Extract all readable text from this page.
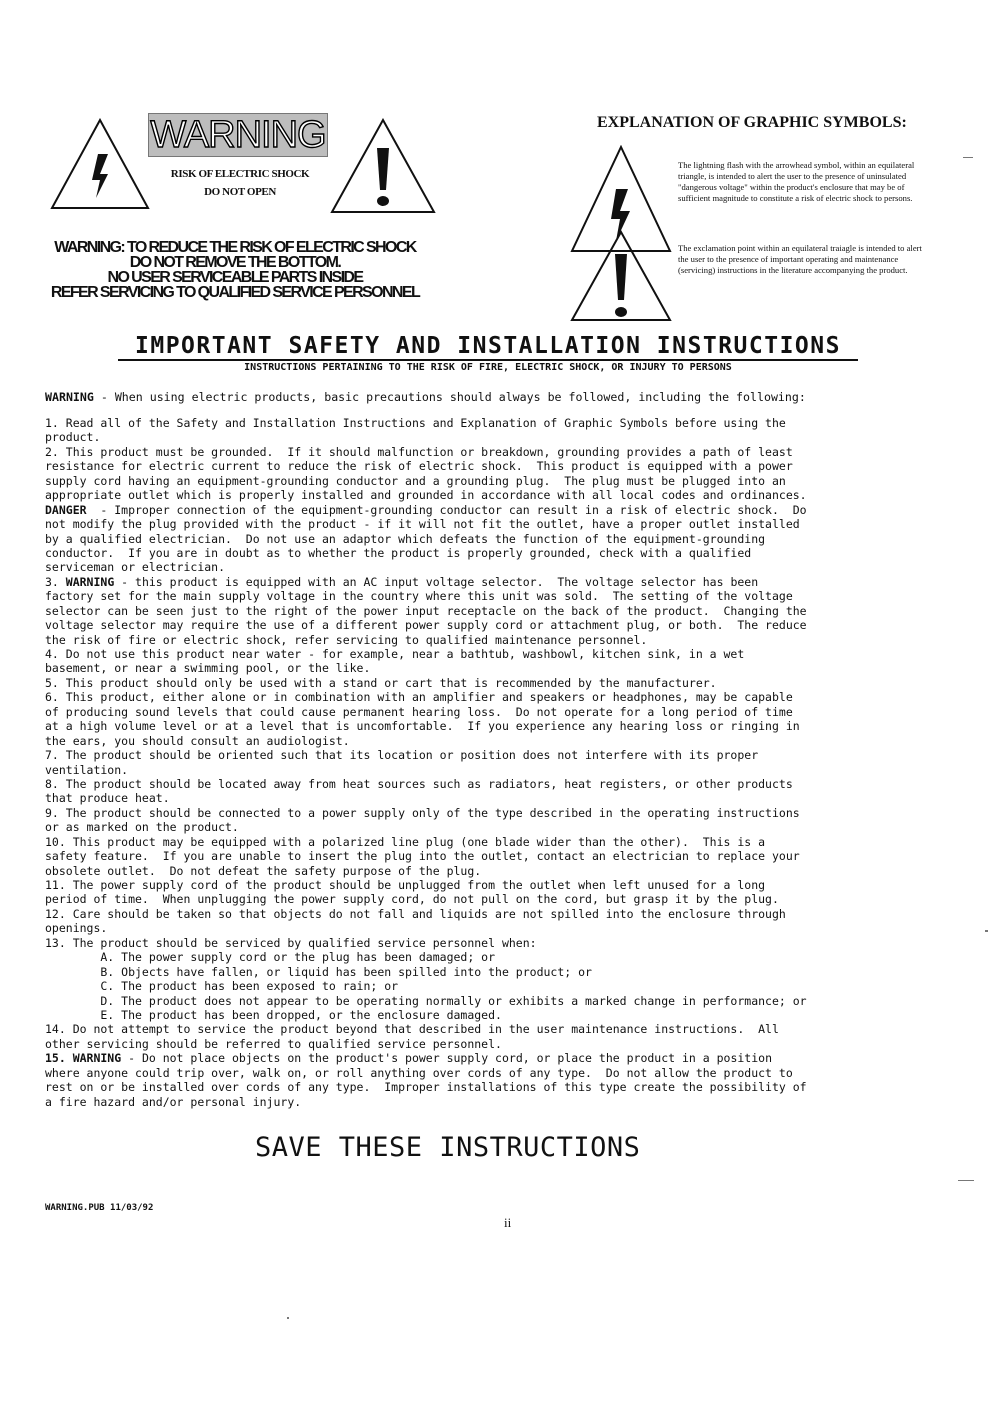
WARNING
RISK OF ELECTRIC SHOCK
DO NOT OPEN
WARNING: TO REDUCE THE RISK OF ELECTRIC SHOCK
DO NOT REMOVE THE BOTTOM.
NO USER SERVICEABLE PARTS INSIDE
REFER SERVICING TO QUALIFIED SERVICE PERSONNEL
EXPLANATION OF GRAPHIC SYMBOLS:
The lightning flash with the arrowhead symbol, within an equilateral triangle, is intended to alert the user to the presence of uninsulated "dangerous voltage" within the product's enclosure that may be of sufficient magnitude to constitute a risk of electric shock to persons.
The exclamation point within an equilateral traiagle is intended to alert the user to the presence of important operating and maintenance (servicing) instructions in the literature accompanying the product.
IMPORTANT SAFETY AND INSTALLATION INSTRUCTIONS
INSTRUCTIONS PERTAINING TO THE RISK OF FIRE, ELECTRIC SHOCK, OR INJURY TO PERSONS
WARNING - When using electric products, basic precautions should always be followed, including the following:
1. Read all of the Safety and Installation Instructions and Explanation of Graphic Symbols before using the
product.
2. This product must be grounded.  If it should malfunction or breakdown, grounding provides a path of least
resistance for electric current to reduce the risk of electric shock.  This product is equipped with a power
supply cord having an equipment-grounding conductor and a grounding plug.  The plug must be plugged into an
appropriate outlet which is properly installed and grounded in accordance with all local codes and ordinances.
DANGER  - Improper connection of the equipment-grounding conductor can result in a risk of electric shock.  Do
not modify the plug provided with the product - if it will not fit the outlet, have a proper outlet installed
by a qualified electrician.  Do not use an adaptor which defeats the function of the equipment-grounding
conductor.  If you are in doubt as to whether the product is properly grounded, check with a qualified
serviceman or electrician.
3. WARNING - this product is equipped with an AC input voltage selector.  The voltage selector has been
factory set for the main supply voltage in the country where this unit was sold.  The setting of the voltage
selector can be seen just to the right of the power input receptacle on the back of the product.  Changing the
voltage selector may require the use of a different power supply cord or attachment plug, or both.  The reduce
the risk of fire or electric shock, refer servicing to qualified maintenance personnel.
4. Do not use this product near water - for example, near a bathtub, washbowl, kitchen sink, in a wet
basement, or near a swimming pool, or the like.
5. This product should only be used with a stand or cart that is recommended by the manufacturer.
6. This product, either alone or in combination with an amplifier and speakers or headphones, may be capable
of producing sound levels that could cause permanent hearing loss.  Do not operate for a long period of time
at a high volume level or at a level that is uncomfortable.  If you experience any hearing loss or ringing in
the ears, you should consult an audiologist.
7. The product should be oriented such that its location or position does not interfere with its proper
ventilation.
8. The product should be located away from heat sources such as radiators, heat registers, or other products
that produce heat.
9. The product should be connected to a power supply only of the type described in the operating instructions
or as marked on the product.
10. This product may be equipped with a polarized line plug (one blade wider than the other).  This is a
safety feature.  If you are unable to insert the plug into the outlet, contact an electrician to replace your
obsolete outlet.  Do not defeat the safety purpose of the plug.
11. The power supply cord of the product should be unplugged from the outlet when left unused for a long
period of time.  When unplugging the power supply cord, do not pull on the cord, but grasp it by the plug.
12. Care should be taken so that objects do not fall and liquids are not spilled into the enclosure through
openings.
13. The product should be serviced by qualified service personnel when:
A. The power supply cord or the plug has been damaged; or
B. Objects have fallen, or liquid has been spilled into the product; or
C. The product has been exposed to rain; or
D. The product does not appear to be operating normally or exhibits a marked change in performance; or
E. The product has been dropped, or the enclosure damaged.
14. Do not attempt to service the product beyond that described in the user maintenance instructions.  All
other servicing should be referred to qualified service personnel.
15. WARNING - Do not place objects on the product's power supply cord, or place the product in a position
where anyone could trip over, walk on, or roll anything over cords of any type.  Do not allow the product to
rest on or be installed over cords of any type.  Improper installations of this type create the possibility of
a fire hazard and/or personal injury.
SAVE THESE INSTRUCTIONS
WARNING.PUB 11/03/92
ii
